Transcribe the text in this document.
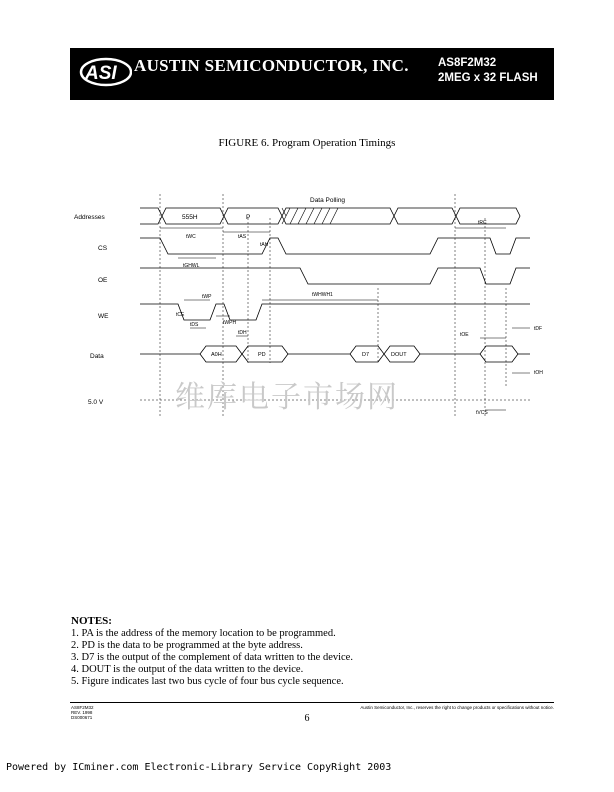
ASI AUSTIN SEMICONDUCTOR, INC.	AS8F2M32
2MEG x 32 FLASH
FIGURE 6. Program Operation Timings
Addresses
CS
OE
WE
Data
5.0 V
Data Polling
555H	P
A0H	PD	D7	DOUT
tWC	tAS
tAH
tGHWL
tWP
tWPH
tWHWH1
tDS
tDH	tOE
tOH
tDF
tRC
tCE
tVCS
维库电子市场网
NOTES:
1. PA is the address of the memory location to be programmed.
2. PD is the data to be programmed at the byte address.
3. D7 is the output of the complement of data written to the device.
4. DOUT is the output of the data written to the device.
5. Figure indicates last two bus cycle of four bus cycle sequence.
AS8F2M32
REV. 1998
DS000671
Austin Semiconductor, Inc., reserves the right to change products or specifications without notice.
6
Powered by ICminer.com Electronic-Library Service CopyRight 2003
